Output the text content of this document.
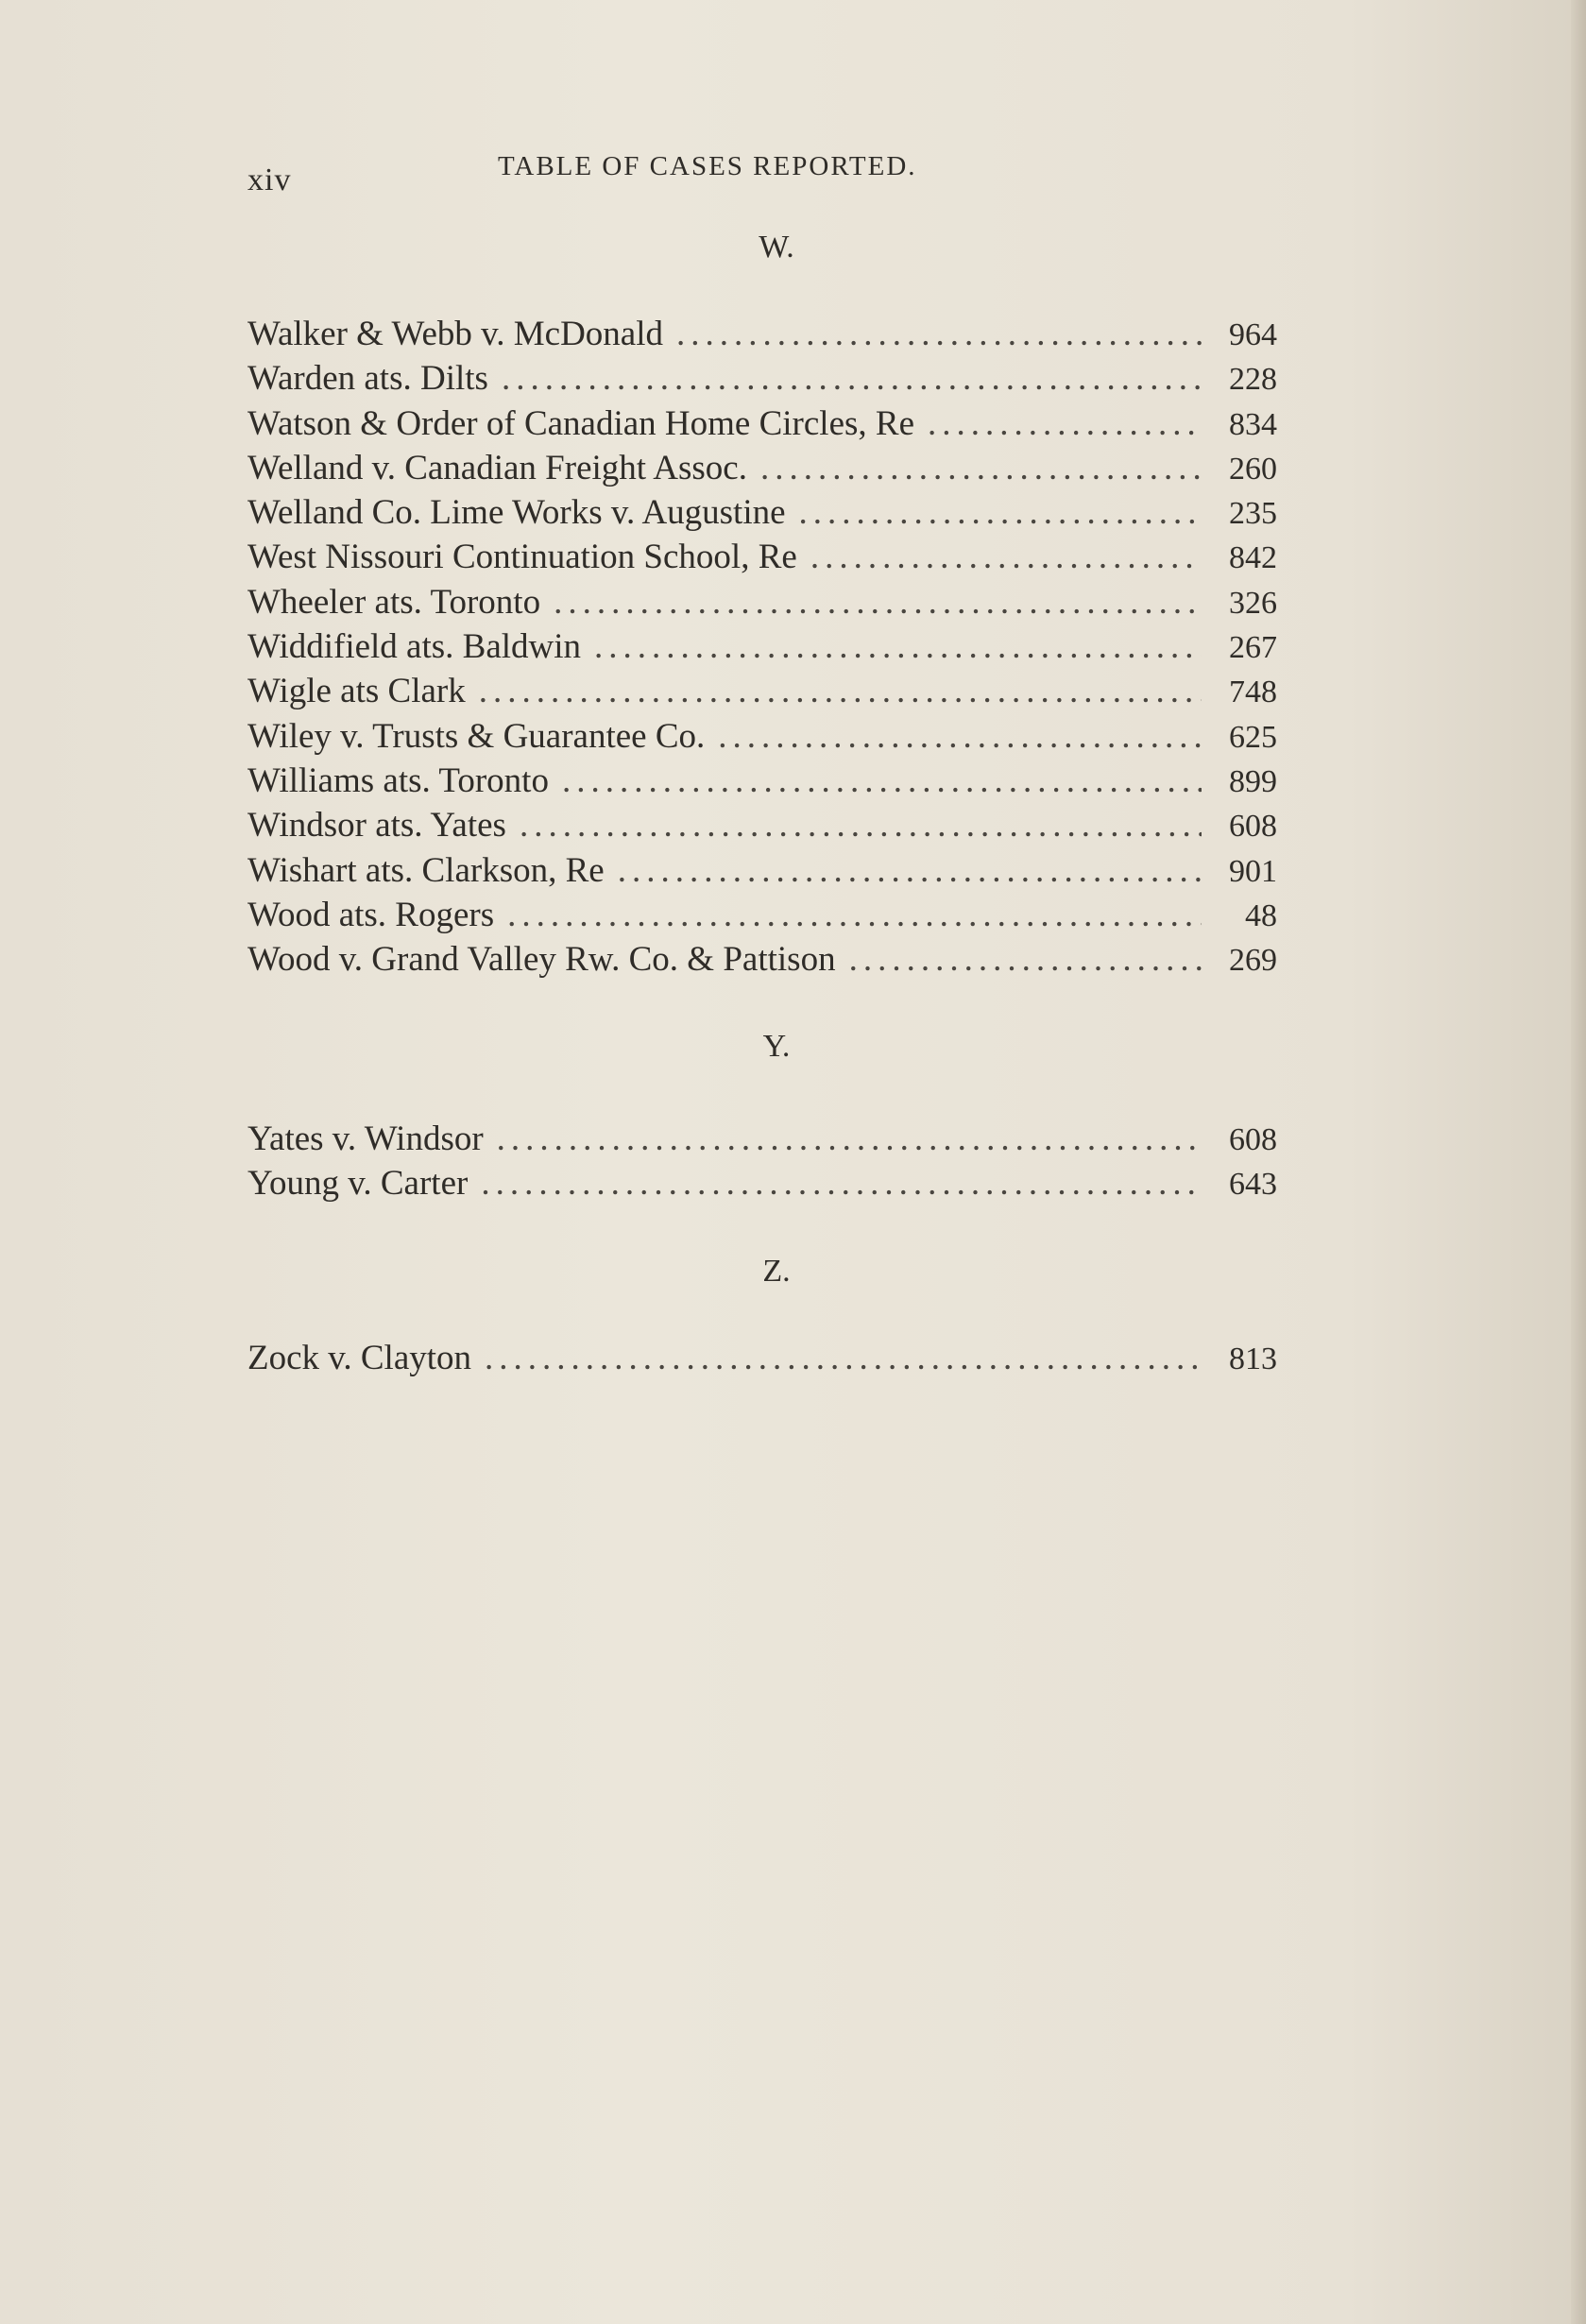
xiv	TABLE OF CASES REPORTED.
W.
Walker & Webb v. McDonald .....	964
Warden ats. Dilts .....	228
Watson & Order of Canadian Home Circles, Re .....	834
Welland v. Canadian Freight Assoc. .....	260
Welland Co. Lime Works v. Augustine .....	235
West Nissouri Continuation School, Re .....	842
Wheeler ats. Toronto .....	326
Widdifield ats. Baldwin .....	267
Wigle ats Clark .....	748
Wiley v. Trusts & Guarantee Co. .....	625
Williams ats. Toronto .....	899
Windsor ats. Yates .....	608
Wishart ats. Clarkson, Re .....	901
Wood ats. Rogers .....	48
Wood v. Grand Valley Rw. Co. & Pattison .....	269
Y.
Yates v. Windsor .....	608
Young v. Carter .....	643
Z.
Zock v. Clayton .....	813
